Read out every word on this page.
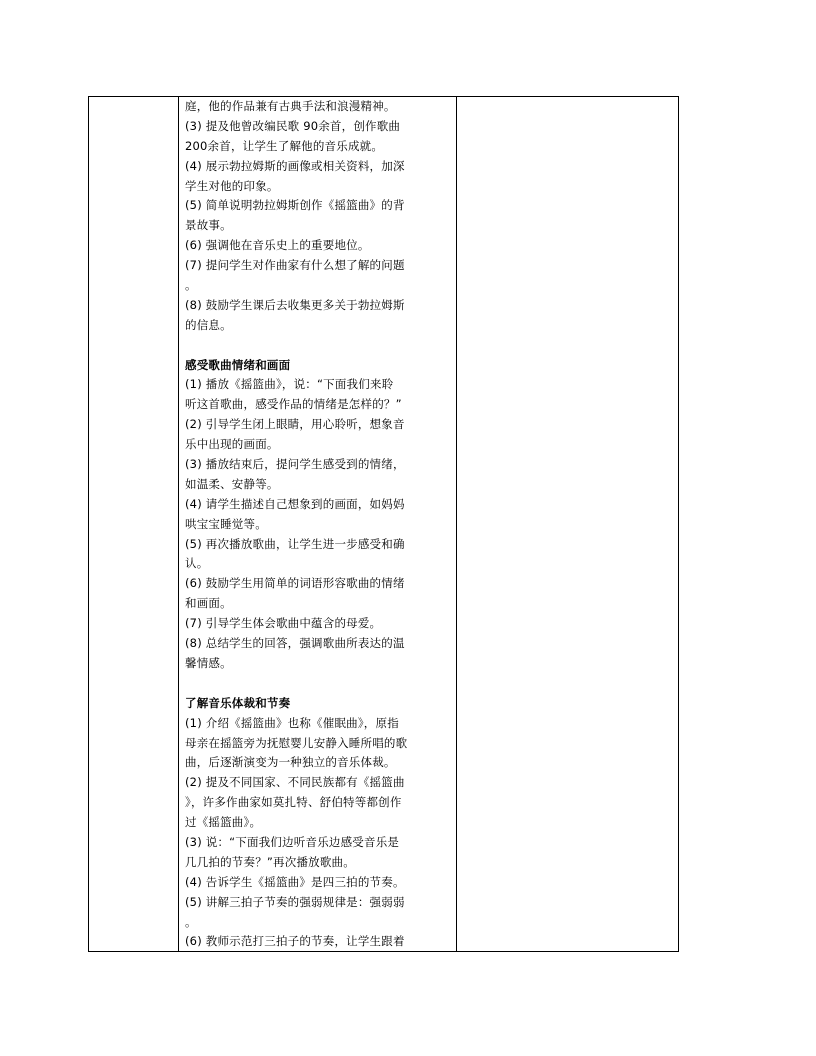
庭，他的作品兼有古典手法和浪漫精神。
(3) 提及他曾改编民歌 90余首，创作歌曲
200余首，让学生了解他的音乐成就。
(4) 展示勃拉姆斯的画像或相关资料，加深
学生对他的印象。
(5) 简单说明勃拉姆斯创作《摇篮曲》的背
景故事。
(6) 强调他在音乐史上的重要地位。
(7) 提问学生对作曲家有什么想了解的问题
。
(8) 鼓励学生课后去收集更多关于勃拉姆斯
的信息。
感受歌曲情绪和画面
(1) 播放《摇篮曲》，说：“下面我们来聆
听这首歌曲，感受作品的情绪是怎样的？”
(2) 引导学生闭上眼睛，用心聆听，想象音
乐中出现的画面。
(3) 播放结束后，提问学生感受到的情绪，
如温柔、安静等。
(4) 请学生描述自己想象到的画面，如妈妈
哄宝宝睡觉等。
(5) 再次播放歌曲，让学生进一步感受和确
认。
(6) 鼓励学生用简单的词语形容歌曲的情绪
和画面。
(7) 引导学生体会歌曲中蕴含的母爱。
(8) 总结学生的回答，强调歌曲所表达的温
馨情感。
了解音乐体裁和节奏
(1) 介绍《摇篮曲》也称《催眠曲》，原指
母亲在摇篮旁为抚慰婴儿安静入睡所唱的歌
曲，后逐渐演变为一种独立的音乐体裁。
(2) 提及不同国家、不同民族都有《摇篮曲
》，许多作曲家如莫扎特、舒伯特等都创作
过《摇篮曲》。
(3) 说：“下面我们边听音乐边感受音乐是
几几拍的节奏？”再次播放歌曲。
(4) 告诉学生《摇篮曲》是四三拍的节奏。
(5) 讲解三拍子节奏的强弱规律是：强弱弱
。
(6) 教师示范打三拍子的节奏，让学生跟着
